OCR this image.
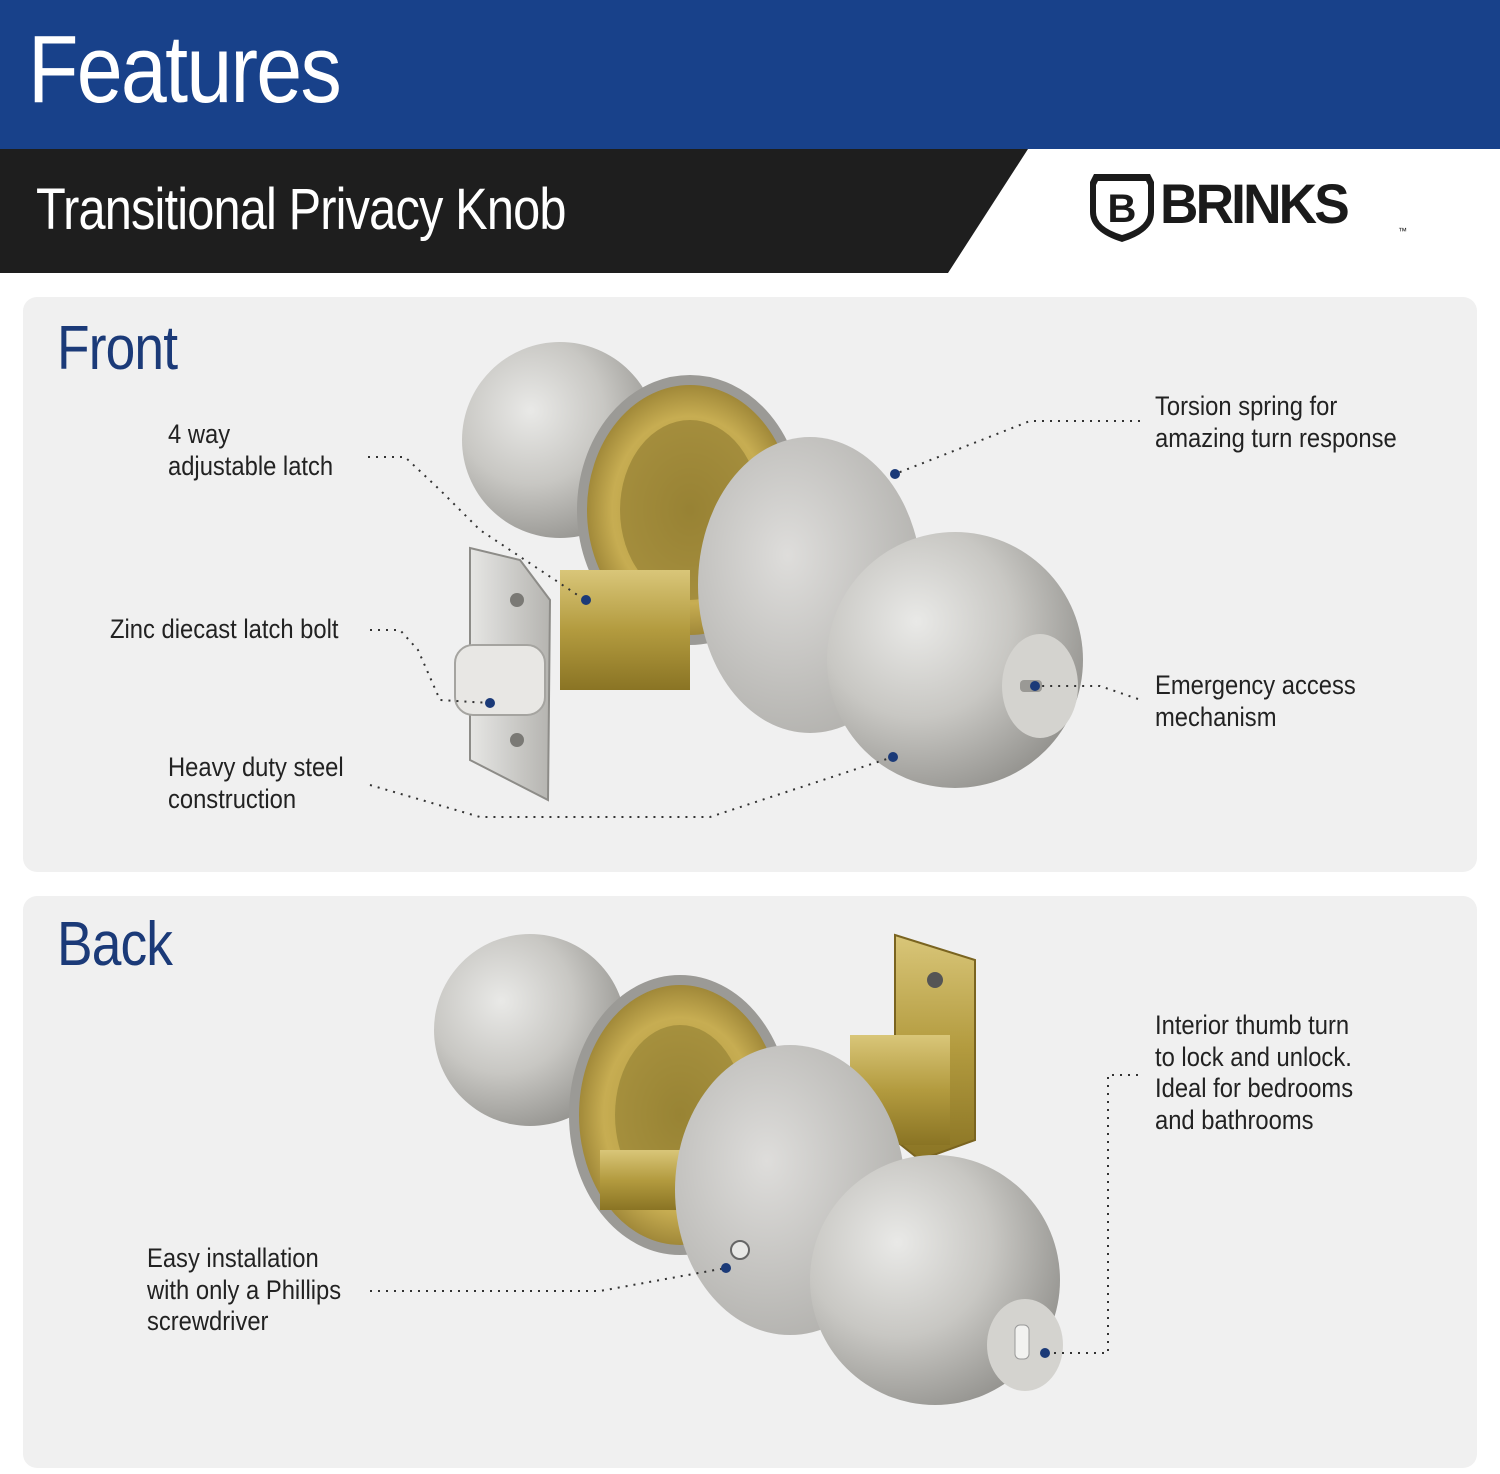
Features
Transitional Privacy Knob	B BRINKS	™
Front
4 way
adjustable latch
Zinc diecast latch bolt
Heavy duty steel
construction
Torsion spring for
amazing turn response
Emergency access
mechanism
Back
Easy installation
with only a Phillips
screwdriver
Interior thumb turn
to lock and unlock.
Ideal for bedrooms
and bathrooms
